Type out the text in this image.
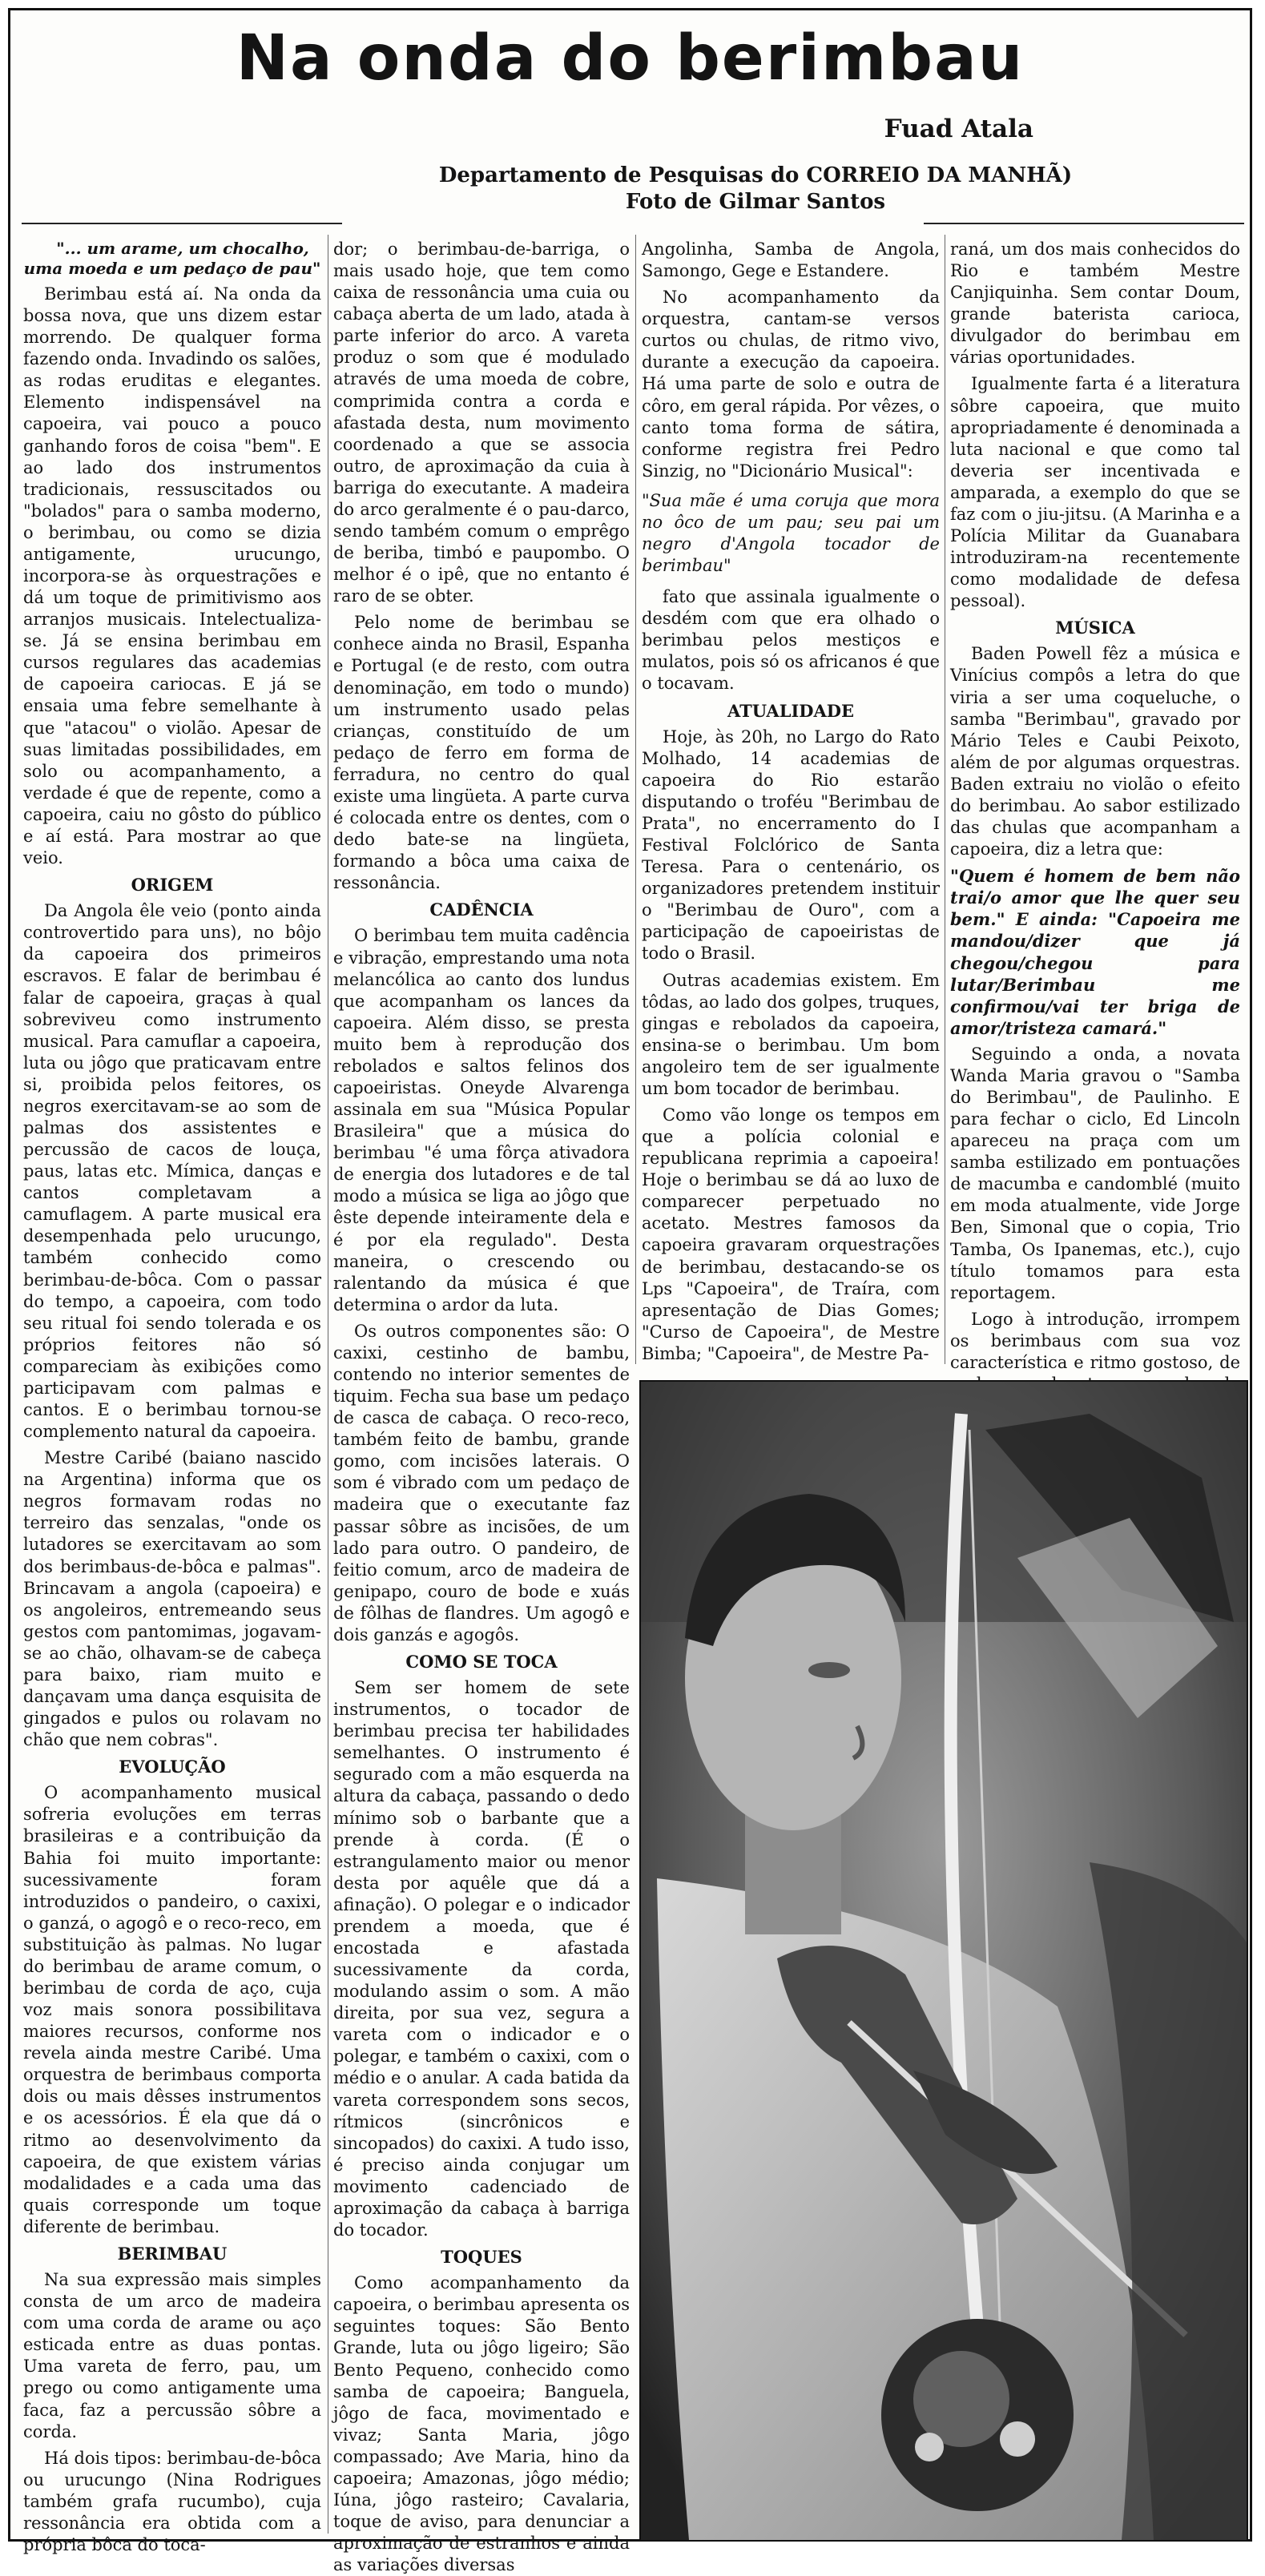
Na onda do berimbau

Fuad Atala

Departamento de Pesquisas do CORREIO DA MANHÃ)

Foto de Gilmar Santos

"... um arame, um chocalho, uma moeda e um pedaço de pau"

Berimbau está aí. Na onda da bossa nova, que uns dizem estar morrendo. De qualquer forma fazendo onda. Invadindo os salões, as rodas eruditas e elegantes. Elemento indispensável na capoeira, vai pouco a pouco ganhando foros de coisa "bem". E ao lado dos instrumentos tradicionais, ressuscitados ou "bolados" para o samba moderno, o berimbau, ou como se dizia antigamente, urucungo, incorpora-se às orquestrações e dá um toque de primitivismo aos arranjos musicais. Intelectualiza-se. Já se ensina berimbau em cursos regulares das academias de capoeira cariocas. E já se ensaia uma febre semelhante à que "atacou" o violão. Apesar de suas limitadas possibilidades, em solo ou acompanhamento, a verdade é que de repente, como a capoeira, caiu no gôsto do público e aí está. Para mostrar ao que veio.

ORIGEM

Da Angola êle veio (ponto ainda controvertido para uns), no bôjo da capoeira dos primeiros escravos. E falar de berimbau é falar de capoeira, graças à qual sobreviveu como instrumento musical. Para camuflar a capoeira, luta ou jôgo que praticavam entre si, proibida pelos feitores, os negros exercitavam-se ao som de palmas dos assistentes e percussão de cacos de louça, paus, latas etc. Mímica, danças e cantos completavam a camuflagem. A parte musical era desempenhada pelo urucungo, também conhecido como berimbau-de-bôca. Com o passar do tempo, a capoeira, com todo seu ritual foi sendo tolerada e os próprios feitores não só compareciam às exibições como participavam com palmas e cantos. E o berimbau tornou-se complemento natural da capoeira.

Mestre Caribé (baiano nascido na Argentina) informa que os negros formavam rodas no terreiro das senzalas, "onde os lutadores se exercitavam ao som dos berimbaus-de-bôca e palmas". Brincavam a angola (capoeira) e os angoleiros, entremeando seus gestos com pantomimas, jogavam-se ao chão, olhavam-se de cabeça para baixo, riam muito e dançavam uma dança esquisita de gingados e pulos ou rolavam no chão que nem cobras".

EVOLUÇÃO

O acompanhamento musical sofreria evoluções em terras brasileiras e a contribuição da Bahia foi muito importante: sucessivamente foram introduzidos o pandeiro, o caxixi, o ganzá, o agogô e o reco-reco, em substituição às palmas. No lugar do berimbau de arame comum, o berimbau de corda de aço, cuja voz mais sonora possibilitava maiores recursos, conforme nos revela ainda mestre Caribé. Uma orquestra de berimbaus comporta dois ou mais dêsses instrumentos e os acessórios. É ela que dá o ritmo ao desenvolvimento da capoeira, de que existem várias modalidades e a cada uma das quais corresponde um toque diferente de berimbau.

BERIMBAU

Na sua expressão mais simples consta de um arco de madeira com uma corda de arame ou aço esticada entre as duas pontas. Uma vareta de ferro, pau, um prego ou como antigamente uma faca, faz a percussão sôbre a corda.

Há dois tipos: berimbau-de-bôca ou urucungo (Nina Rodrigues também grafa rucumbo), cuja ressonância era obtida com a própria bôca do toca-

dor; o berimbau-de-barriga, o mais usado hoje, que tem como caixa de ressonância uma cuia ou cabaça aberta de um lado, atada à parte inferior do arco. A vareta produz o som que é modulado através de uma moeda de cobre, comprimida contra a corda e afastada desta, num movimento coordenado a que se associa outro, de aproximação da cuia à barriga do executante. A madeira do arco geralmente é o pau-darco, sendo também comum o emprêgo de beriba, timbó e paupombo. O melhor é o ipê, que no entanto é raro de se obter.

Pelo nome de berimbau se conhece ainda no Brasil, Espanha e Portugal (e de resto, com outra denominação, em todo o mundo) um instrumento usado pelas crianças, constituído de um pedaço de ferro em forma de ferradura, no centro do qual existe uma lingüeta. A parte curva é colocada entre os dentes, com o dedo bate-se na lingüeta, formando a bôca uma caixa de ressonância.

CADÊNCIA

O berimbau tem muita cadência e vibração, emprestando uma nota melancólica ao canto dos lundus que acompanham os lances da capoeira. Além disso, se presta muito bem à reprodução dos rebolados e saltos felinos dos capoeiristas. Oneyde Alvarenga assinala em sua "Música Popular Brasileira" que a música do berimbau "é uma fôrça ativadora de energia dos lutadores e de tal modo a música se liga ao jôgo que êste depende inteiramente dela e é por ela regulado". Desta maneira, o crescendo ou ralentando da música é que determina o ardor da luta.

Os outros componentes são: O caxixi, cestinho de bambu, contendo no interior sementes de tiquim. Fecha sua base um pedaço de casca de cabaça. O reco-reco, também feito de bambu, grande gomo, com incisões laterais. O som é vibrado com um pedaço de madeira que o executante faz passar sôbre as incisões, de um lado para outro. O pandeiro, de feitio comum, arco de madeira de genipapo, couro de bode e xuás de fôlhas de flandres. Um agogô e dois ganzás e agogôs.

COMO SE TOCA

Sem ser homem de sete instrumentos, o tocador de berimbau precisa ter habilidades semelhantes. O instrumento é segurado com a mão esquerda na altura da cabaça, passando o dedo mínimo sob o barbante que a prende à corda. (É o estrangulamento maior ou menor desta por aquêle que dá a afinação). O polegar e o indicador prendem a moeda, que é encostada e afastada sucessivamente da corda, modulando assim o som. A mão direita, por sua vez, segura a vareta com o indicador e o polegar, e também o caxixi, com o médio e o anular. A cada batida da vareta correspondem sons secos, rítmicos (sincrônicos e sincopados) do caxixi. A tudo isso, é preciso ainda conjugar um movimento cadenciado de aproximação da cabaça à barriga do tocador.

TOQUES

Como acompanhamento da capoeira, o berimbau apresenta os seguintes toques: São Bento Grande, luta ou jôgo ligeiro; São Bento Pequeno, conhecido como samba de capoeira; Banguela, jôgo de faca, movimentado e vivaz; Santa Maria, jôgo compassado; Ave Maria, hino da capoeira; Amazonas, jôgo médio; Iúna, jôgo rasteiro; Cavalaria, toque de aviso, para denunciar a aproximação de estranhos e ainda as variações diversas

Angolinha, Samba de Angola, Samongo, Gege e Estandere.

No acompanhamento da orquestra, cantam-se versos curtos ou chulas, de ritmo vivo, durante a execução da capoeira. Há uma parte de solo e outra de côro, em geral rápida. Por vêzes, o canto toma forma de sátira, conforme registra frei Pedro Sinzig, no "Dicionário Musical":

"Sua mãe é uma coruja que mora no ôco de um pau; seu pai um negro d'Angola tocador de berimbau"

fato que assinala igualmente o desdém com que era olhado o berimbau pelos mestiços e mulatos, pois só os africanos é que o tocavam.

ATUALIDADE

Hoje, às 20h, no Largo do Rato Molhado, 14 academias de capoeira do Rio estarão disputando o troféu "Berimbau de Prata", no encerramento do I Festival Folclórico de Santa Teresa. Para o centenário, os organizadores pretendem instituir o "Berimbau de Ouro", com a participação de capoeiristas de todo o Brasil.

Outras academias existem. Em tôdas, ao lado dos golpes, truques, gingas e rebolados da capoeira, ensina-se o berimbau. Um bom angoleiro tem de ser igualmente um bom tocador de berimbau.

Como vão longe os tempos em que a polícia colonial e republicana reprimia a capoeira! Hoje o berimbau se dá ao luxo de comparecer perpetuado no acetato. Mestres famosos da capoeira gravaram orquestrações de berimbau, destacando-se os Lps "Capoeira", de Traíra, com apresentação de Dias Gomes; "Curso de Capoeira", de Mestre Bimba; "Capoeira", de Mestre Pa-

raná, um dos mais conhecidos do Rio e também Mestre Canjiquinha. Sem contar Doum, grande baterista carioca, divulgador do berimbau em várias oportunidades.

Igualmente farta é a literatura sôbre capoeira, que muito apropriadamente é denominada a luta nacional e que como tal deveria ser incentivada e amparada, a exemplo do que se faz com o jiu-jitsu. (A Marinha e a Polícia Militar da Guanabara introduziram-na recentemente como modalidade de defesa pessoal).

MÚSICA

Baden Powell fêz a música e Vinícius compôs a letra do que viria a ser uma coqueluche, o samba "Berimbau", gravado por Mário Teles e Caubi Peixoto, além de por algumas orquestras. Baden extraiu no violão o efeito do berimbau. Ao sabor estilizado das chulas que acompanham a capoeira, diz a letra que:

"Quem é homem de bem não trai/o amor que lhe quer seu bem." E ainda: "Capoeira me mandou/dizer que já chegou/chegou para lutar/Berimbau me confirmou/vai ter briga de amor/tristeza camará."

Seguindo a onda, a novata Wanda Maria gravou o "Samba do Berimbau", de Paulinho. E para fechar o ciclo, Ed Lincoln apareceu na praça com um samba estilizado em pontuações de macumba e candomblé (muito em moda atualmente, vide Jorge Ben, Simonal que o copia, Trio Tamba, Os Ipanemas, etc.), cujo título tomamos para esta reportagem.

Logo à introdução, irrompem os berimbaus com sua voz característica e ritmo gostoso, de
